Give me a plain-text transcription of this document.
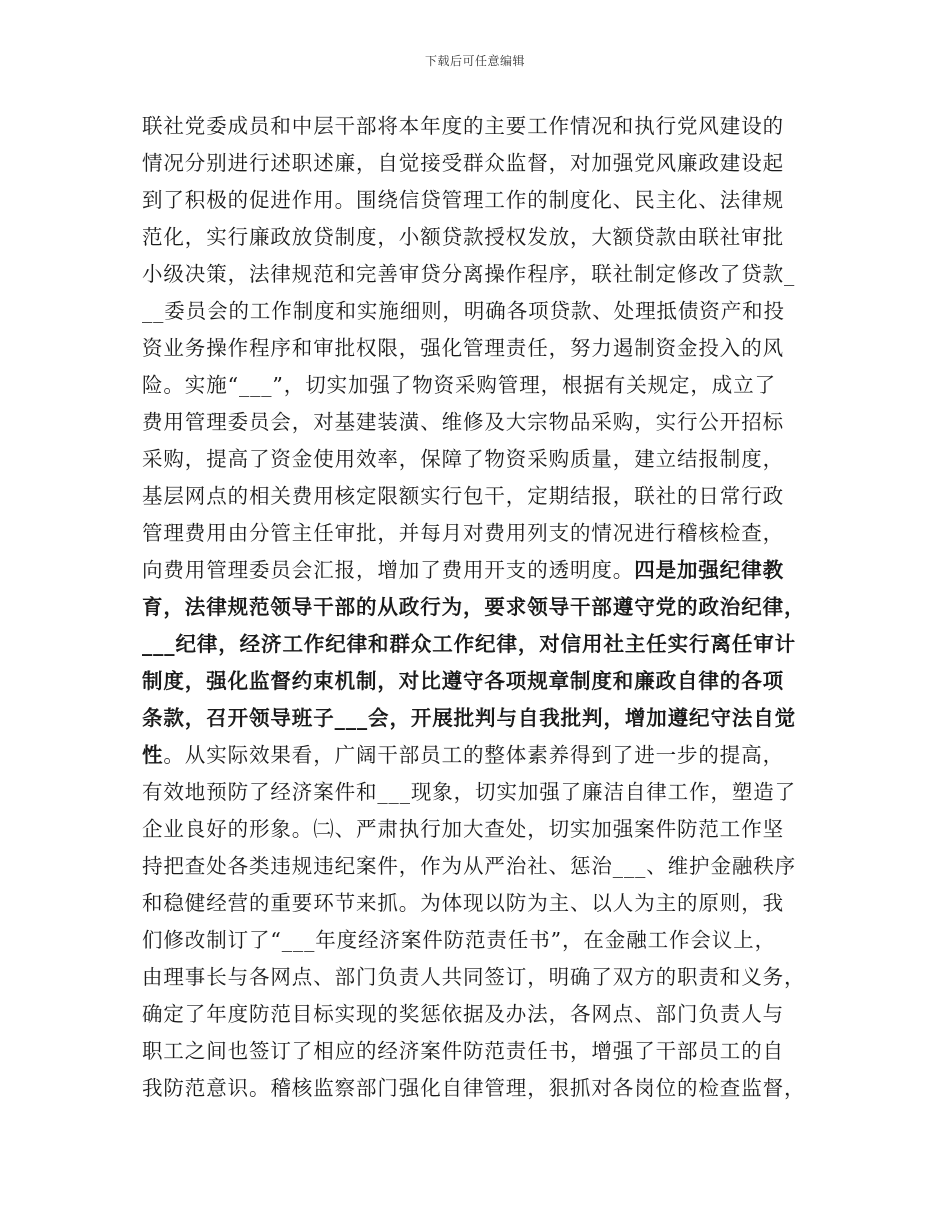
下载后可任意编辑
联社党委成员和中层干部将本年度的主要工作情况和执行党风建设的
情况分别进行述职述廉，自觉接受群众监督，对加强党风廉政建设起
到了积极的促进作用。围绕信贷管理工作的制度化、民主化、法律规
范化，实行廉政放贷制度，小额贷款授权发放，大额贷款由联社审批
小级决策，法律规范和完善审贷分离操作程序，联社制定修改了贷款_
__委员会的工作制度和实施细则，明确各项贷款、处理抵债资产和投
资业务操作程序和审批权限，强化管理责任，努力遏制资金投入的风
险。实施“___”，切实加强了物资采购管理，根据有关规定，成立了
费用管理委员会，对基建装潢、维修及大宗物品采购，实行公开招标
采购，提高了资金使用效率，保障了物资采购质量，建立结报制度，
基层网点的相关费用核定限额实行包干，定期结报，联社的日常行政
管理费用由分管主任审批，并每月对费用列支的情况进行稽核检查，
向费用管理委员会汇报，增加了费用开支的透明度。四是加强纪律教
育，法律规范领导干部的从政行为，要求领导干部遵守党的政治纪律，
___纪律，经济工作纪律和群众工作纪律，对信用社主任实行离任审计
制度，强化监督约束机制，对比遵守各项规章制度和廉政自律的各项
条款，召开领导班子___会，开展批判与自我批判，增加遵纪守法自觉
性。从实际效果看，广阔干部员工的整体素养得到了进一步的提高，
有效地预防了经济案件和___现象，切实加强了廉洁自律工作，塑造了
企业良好的形象。㈡、严肃执行加大查处，切实加强案件防范工作坚
持把查处各类违规违纪案件，作为从严治社、惩治___、维护金融秩序
和稳健经营的重要环节来抓。为体现以防为主、以人为主的原则，我
们修改制订了“___年度经济案件防范责任书”，在金融工作会议上，
由理事长与各网点、部门负责人共同签订，明确了双方的职责和义务，
确定了年度防范目标实现的奖惩依据及办法，各网点、部门负责人与
职工之间也签订了相应的经济案件防范责任书，增强了干部员工的自
我防范意识。稽核监察部门强化自律管理，狠抓对各岗位的检查监督，
